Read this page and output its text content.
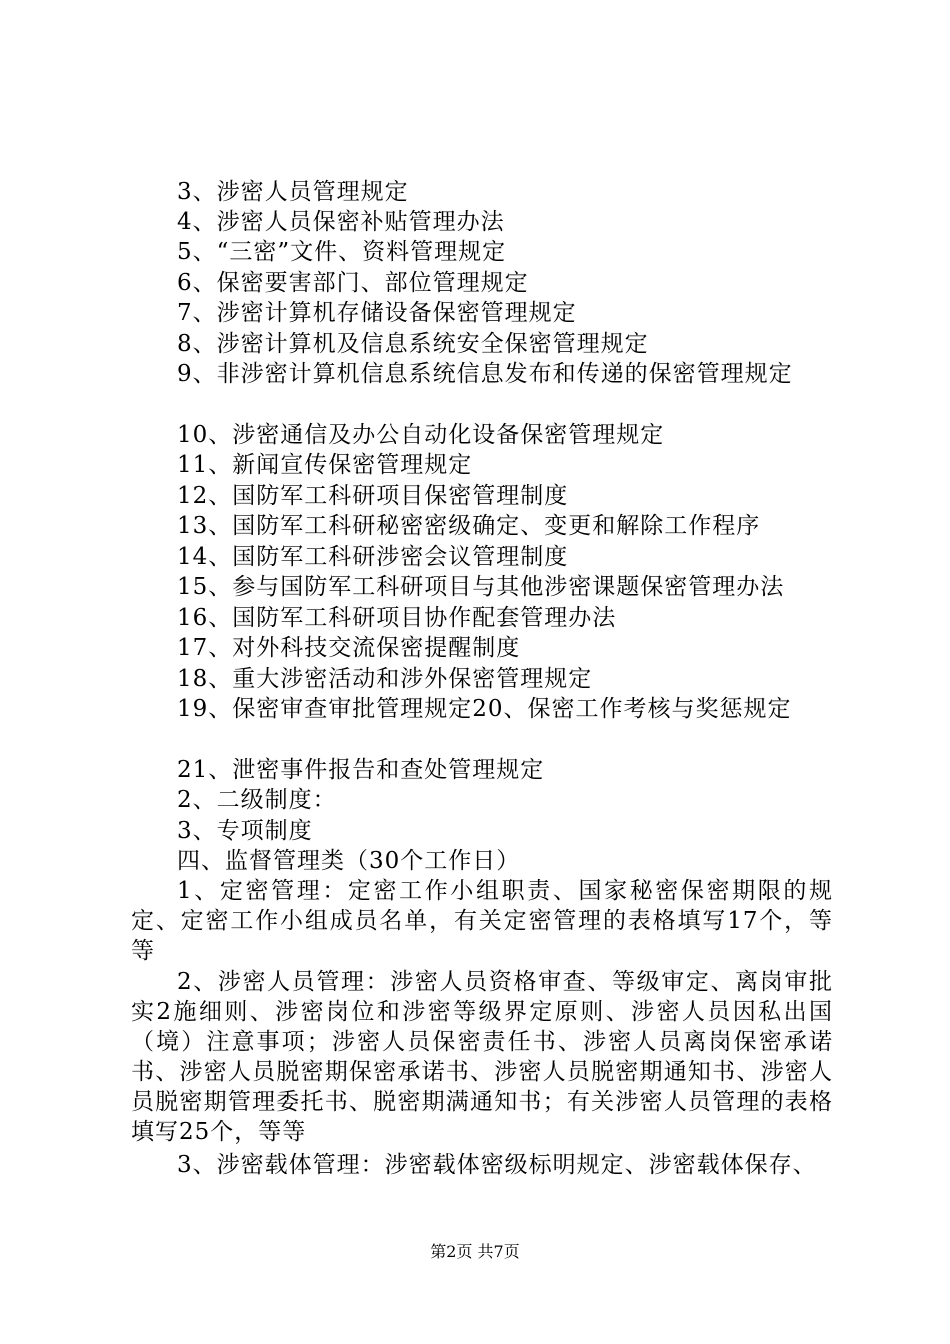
3、涉密人员管理规定
4、涉密人员保密补贴管理办法
5、“三密”文件、资料管理规定
6、保密要害部门、部位管理规定
7、涉密计算机存储设备保密管理规定
8、涉密计算机及信息系统安全保密管理规定
9、非涉密计算机信息系统信息发布和传递的保密管理规定
10、涉密通信及办公自动化设备保密管理规定
11、新闻宣传保密管理规定
12、国防军工科研项目保密管理制度
13、国防军工科研秘密密级确定、变更和解除工作程序
14、国防军工科研涉密会议管理制度
15、参与国防军工科研项目与其他涉密课题保密管理办法
16、国防军工科研项目协作配套管理办法
17、对外科技交流保密提醒制度
18、重大涉密活动和涉外保密管理规定
19、保密审查审批管理规定20、保密工作考核与奖惩规定
21、泄密事件报告和查处管理规定
2、二级制度：
3、专项制度
四、监督管理类（30个工作日）
1、定密管理：定密工作小组职责、国家秘密保密期限的规定、定密工作小组成员名单，有关定密管理的表格填写17个，等等
2、涉密人员管理：涉密人员资格审查、等级审定、离岗审批实2施细则、涉密岗位和涉密等级界定原则、涉密人员因私出国（境）注意事项；涉密人员保密责任书、涉密人员离岗保密承诺书、涉密人员脱密期保密承诺书、涉密人员脱密期通知书、涉密人员脱密期管理委托书、脱密期满通知书；有关涉密人员管理的表格填写25个，等等
3、涉密载体管理：涉密载体密级标明规定、涉密载体保存、
第2页 共7页
